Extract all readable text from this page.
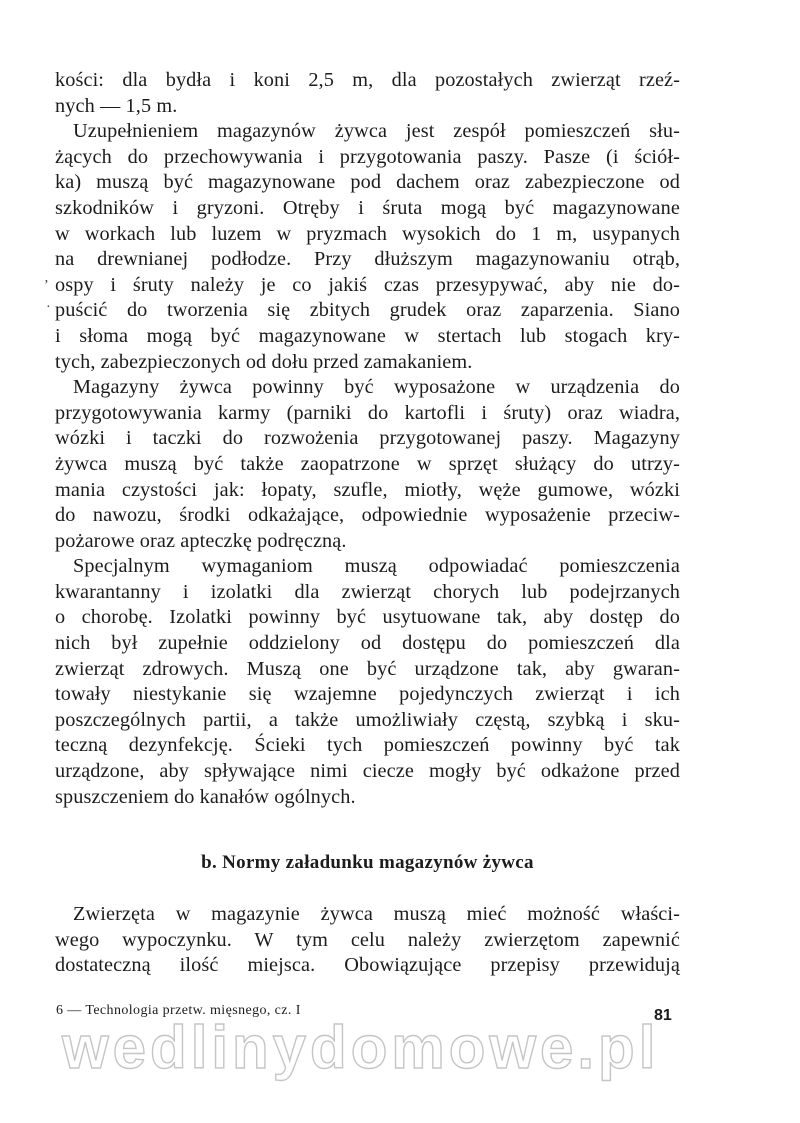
kości: dla bydła i koni 2,5 m, dla pozostałych zwierząt rzeź-

nych — 1,5 m.

Uzupełnieniem magazynów żywca jest zespół pomieszczeń słu-

żących do przechowywania i przygotowania paszy. Pasze (i ściół-

ka) muszą być magazynowane pod dachem oraz zabezpieczone od

szkodników i gryzoni. Otręby i śruta mogą być magazynowane

w workach lub luzem w pryzmach wysokich do 1 m, usypanych

na drewnianej podłodze. Przy dłuższym magazynowaniu otrąb,

ospy i śruty należy je co jakiś czas przesypywać, aby nie do-

puścić do tworzenia się zbitych grudek oraz zaparzenia. Siano

i słoma mogą być magazynowane w stertach lub stogach kry-

tych, zabezpieczonych od dołu przed zamakaniem.

Magazyny żywca powinny być wyposażone w urządzenia do

przygotowywania karmy (parniki do kartofli i śruty) oraz wiadra,

wózki i taczki do rozwożenia przygotowanej paszy. Magazyny

żywca muszą być także zaopatrzone w sprzęt służący do utrzy-

mania czystości jak: łopaty, szufle, miotły, węże gumowe, wózki

do nawozu, środki odkażające, odpowiednie wyposażenie przeciw-

pożarowe oraz apteczkę podręczną.

Specjalnym wymaganiom muszą odpowiadać pomieszczenia

kwarantanny i izolatki dla zwierząt chorych lub podejrzanych

o chorobę. Izolatki powinny być usytuowane tak, aby dostęp do

nich był zupełnie oddzielony od dostępu do pomieszczeń dla

zwierząt zdrowych. Muszą one być urządzone tak, aby gwaran-

towały niestykanie się wzajemne pojedynczych zwierząt i ich

poszczególnych partii, a także umożliwiały częstą, szybką i sku-

teczną dezynfekcję. Ścieki tych pomieszczeń powinny być tak

urządzone, aby spływające nimi ciecze mogły być odkażone przed

spuszczeniem do kanałów ogólnych.

b. Normy załadunku magazynów żywca

Zwierzęta w magazynie żywca muszą mieć możność właści-

wego wypoczynku. W tym celu należy zwierzętom zapewnić

dostateczną ilość miejsca. Obowiązujące przepisy przewidują

6 — Technologia przetw. mięsnego, cz. I	81
wedlinydomowe.pl
ʼ
·
